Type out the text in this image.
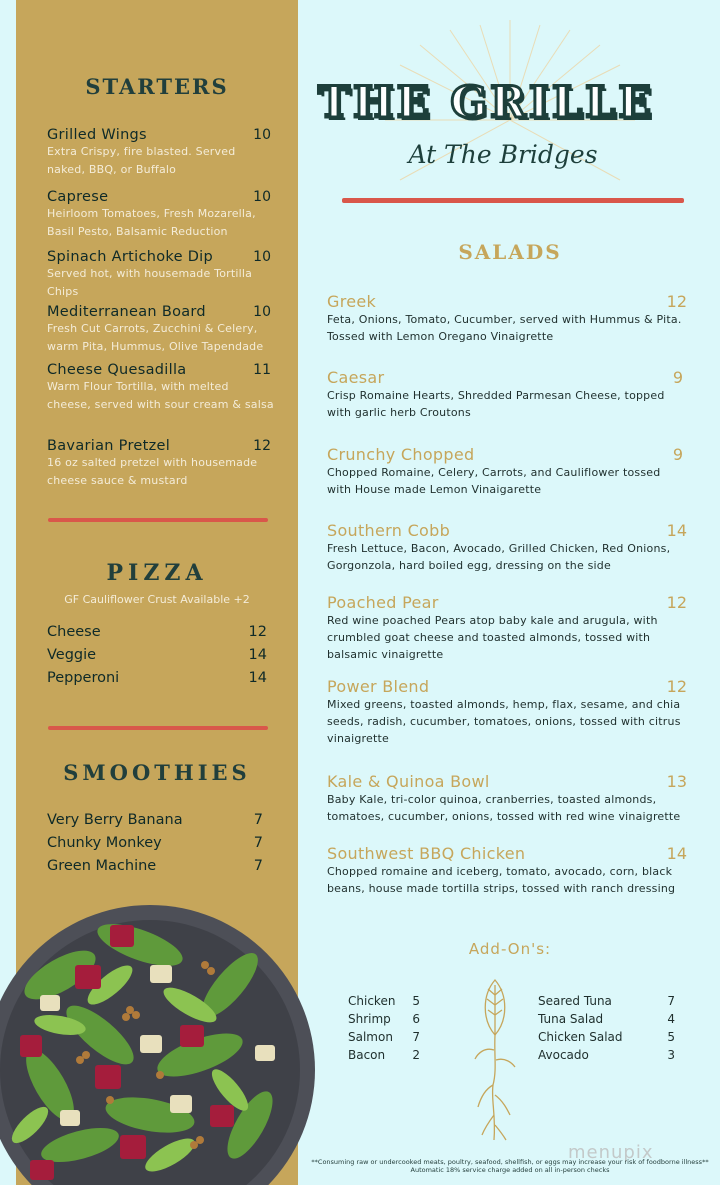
STARTERS
Grilled Wings	10
Extra Crispy, fire blasted. Served naked, BBQ, or Buffalo
Caprese	10
Heirloom Tomatoes, Fresh Mozarella, Basil Pesto, Balsamic Reduction
Spinach Artichoke Dip	10
Served hot, with housemade Tortilla Chips
Mediterranean Board	10
Fresh Cut Carrots, Zucchini & Celery, warm Pita, Hummus, Olive Tapendade
Cheese Quesadilla	11
Warm Flour Tortilla, with melted cheese, served with sour cream & salsa
Bavarian Pretzel	12
16 oz salted pretzel with housemade cheese sauce & mustard
PIZZA
GF Cauliflower Crust Available +2
Cheese	12
Veggie	14
Pepperoni	14
SMOOTHIES
Very Berry Banana	7
Chunky Monkey	7
Green Machine	7
THE GRILLE
At The Bridges
SALADS
Greek	12
Feta, Onions, Tomato, Cucumber, served with Hummus & Pita. Tossed with Lemon Oregano Vinaigrette
Caesar	9
Crisp Romaine Hearts, Shredded Parmesan Cheese, topped with garlic herb Croutons
Crunchy Chopped	9
Chopped Romaine, Celery, Carrots, and Cauliflower tossed with House made Lemon Vinaigarette
Southern Cobb	14
Fresh Lettuce, Bacon, Avocado, Grilled Chicken, Red Onions, Gorgonzola, hard boiled egg, dressing on the side
Poached Pear	12
Red wine poached Pears atop baby kale and arugula, with crumbled goat cheese and toasted almonds, tossed with balsamic vinaigrette
Power Blend	12
Mixed greens, toasted almonds, hemp, flax, sesame, and chia seeds, radish, cucumber, tomatoes, onions, tossed with citrus vinaigrette
Kale & Quinoa Bowl	13
Baby Kale, tri-color quinoa, cranberries, toasted almonds, tomatoes, cucumber, onions, tossed with red wine vinaigrette
Southwest BBQ Chicken	14
Chopped romaine and iceberg, tomato, avocado, corn, black beans, house made tortilla strips, tossed with ranch dressing
Add-On's:
Chicken 5
Shrimp 6
Salmon 7
Bacon 2
Seared Tuna	7
Tuna Salad	4
Chicken Salad	5
Avocado	3
menupix
**Consuming raw or undercooked meats, poultry, seafood, shellfish, or eggs may increase your risk of foodborne illness**
Automatic 18% service charge added on all in-person checks
